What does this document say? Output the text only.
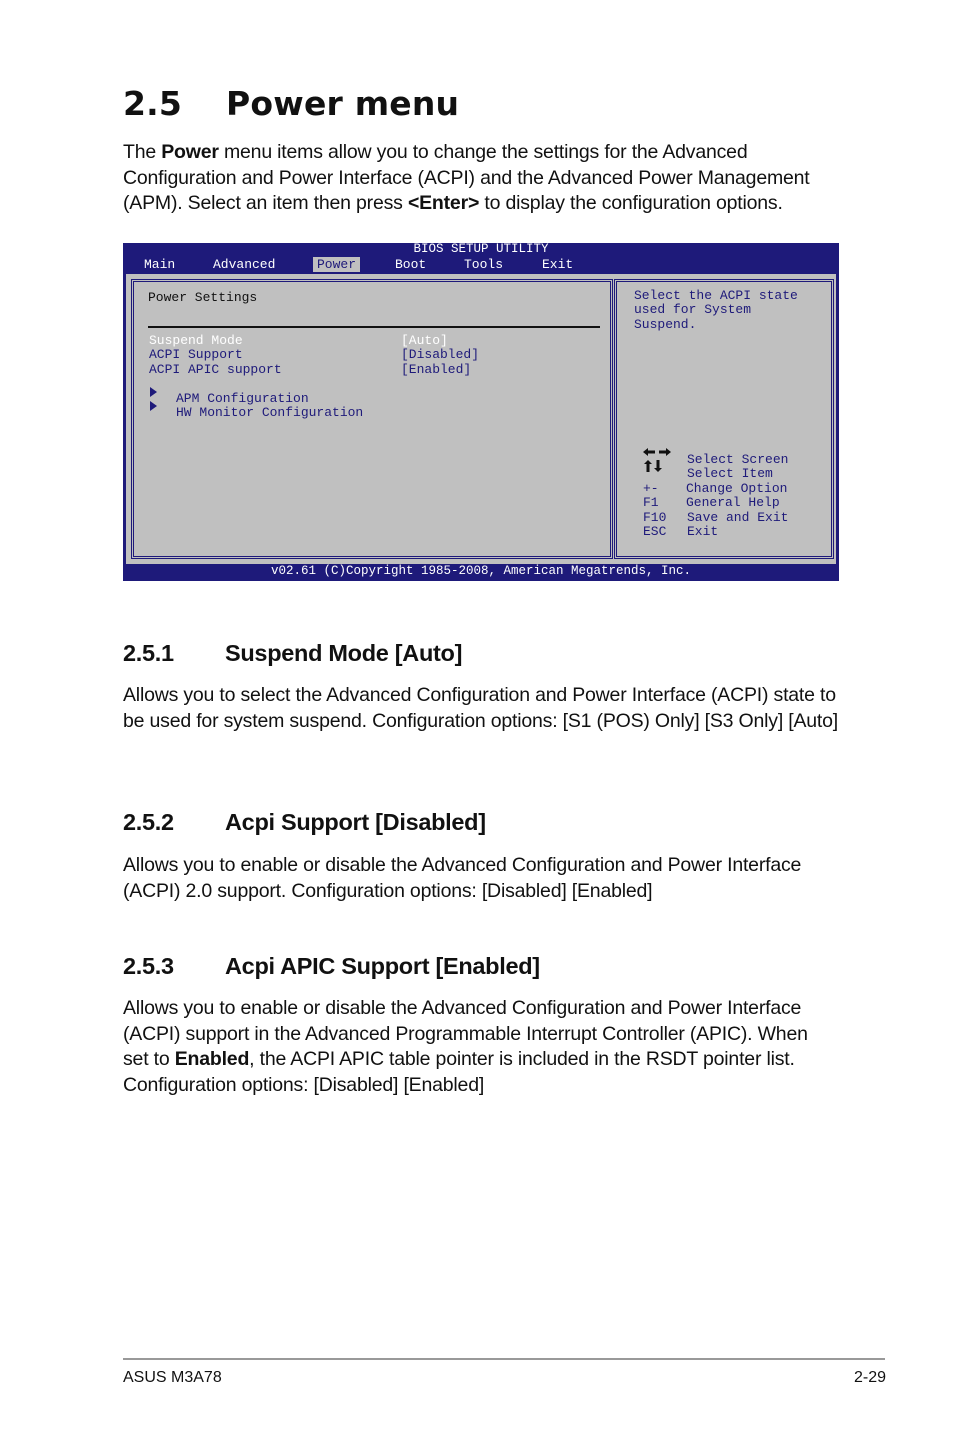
2.5 Power menu

The Power menu items allow you to change the settings for the Advanced Configuration and Power Interface (ACPI) and the Advanced Power Management (APM). Select an item then press <Enter> to display the configuration options.

BIOS SETUP UTILITY
Main	Advanced	Power	Boot	Tools	Exit
Power Settings
Suspend Mode	[Auto]
ACPI Support	[Disabled]
ACPI APIC support	[Enabled]
APM Configuration
HW Monitor Configuration
Select the ACPI state
used for System
Suspend.
Select Screen
Select Item
+- Change Option
F1 General Help
F10 Save and Exit
ESC Exit
v02.61 (C)Copyright 1985-2008, American Megatrends, Inc.
2.5.1 Suspend Mode [Auto]

Allows you to select the Advanced Configuration and Power Interface (ACPI) state to be used for system suspend. Configuration options: [S1 (POS) Only] [S3 Only] [Auto]

2.5.2 Acpi Support [Disabled]

Allows you to enable or disable the Advanced Configuration and Power Interface (ACPI) 2.0 support. Configuration options: [Disabled] [Enabled]

2.5.3 Acpi APIC Support [Enabled]

Allows you to enable or disable the Advanced Configuration and Power Interface (ACPI) support in the Advanced Programmable Interrupt Controller (APIC). When set to Enabled, the ACPI APIC table pointer is included in the RSDT pointer list. Configuration options: [Disabled] [Enabled]

ASUS M3A78	2-29
